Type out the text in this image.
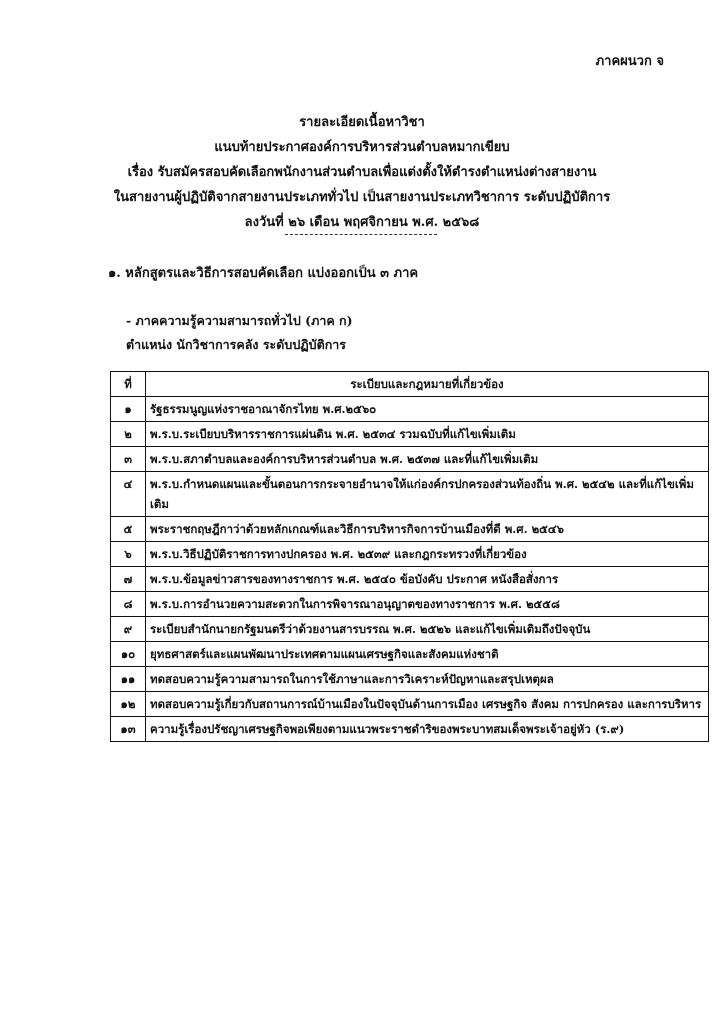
ภาคผนวก จ
รายละเอียดเนื้อหาวิชา
แนบท้ายประกาศองค์การบริหารส่วนตำบลหมากเขียบ
เรื่อง รับสมัครสอบคัดเลือกพนักงานส่วนตำบลเพื่อแต่งตั้งให้ดำรงตำแหน่งต่างสายงาน
ในสายงานผู้ปฏิบัติจากสายงานประเภททั่วไป เป็นสายงานประเภทวิชาการ ระดับปฏิบัติการ
ลงวันที่ ๒๖ เดือน พฤศจิกายน พ.ศ. ๒๕๖๘
๑. หลักสูตรและวิธีการสอบคัดเลือก แบ่งออกเป็น ๓ ภาค
- ภาคความรู้ความสามารถทั่วไป (ภาค ก)
ตำแหน่ง นักวิชาการคลัง ระดับปฏิบัติการ
ที่	ระเบียบและกฎหมายที่เกี่ยวข้อง
๑	รัฐธรรมนูญแห่งราชอาณาจักรไทย พ.ศ.๒๕๖๐
๒	พ.ร.บ.ระเบียบบริหารราชการแผ่นดิน พ.ศ. ๒๕๓๔ รวมฉบับที่แก้ไขเพิ่มเติม
๓	พ.ร.บ.สภาตำบลและองค์การบริหารส่วนตำบล พ.ศ. ๒๕๓๗ และที่แก้ไขเพิ่มเติม
๔	พ.ร.บ.กำหนดแผนและขั้นตอนการกระจายอำนาจให้แก่องค์กรปกครองส่วนท้องถิ่น พ.ศ. ๒๕๔๒ และที่แก้ไขเพิ่มเติม
๕	พระราชกฤษฎีกาว่าด้วยหลักเกณฑ์และวิธีการบริหารกิจการบ้านเมืองที่ดี พ.ศ. ๒๕๔๖
๖	พ.ร.บ.วิธีปฏิบัติราชการทางปกครอง พ.ศ. ๒๕๓๙ และกฎกระทรวงที่เกี่ยวข้อง
๗	พ.ร.บ.ข้อมูลข่าวสารของทางราชการ พ.ศ. ๒๕๔๐ ข้อบังคับ ประกาศ หนังสือสั่งการ
๘	พ.ร.บ.การอำนวยความสะดวกในการพิจารณาอนุญาตของทางราชการ พ.ศ. ๒๕๕๘
๙	ระเบียบสำนักนายกรัฐมนตรีว่าด้วยงานสารบรรณ พ.ศ. ๒๕๒๖ และแก้ไขเพิ่มเติมถึงปัจจุบัน
๑๐	ยุทธศาสตร์และแผนพัฒนาประเทศตามแผนเศรษฐกิจและสังคมแห่งชาติ
๑๑	ทดสอบความรู้ความสามารถในการใช้ภาษาและการวิเคราะห์ปัญหาและสรุปเหตุผล
๑๒	ทดสอบความรู้เกี่ยวกับสถานการณ์บ้านเมืองในปัจจุบันด้านการเมือง เศรษฐกิจ สังคม การปกครอง และการบริหาร
๑๓	ความรู้เรื่องปรัชญาเศรษฐกิจพอเพียงตามแนวพระราชดำริของพระบาทสมเด็จพระเจ้าอยู่หัว (ร.๙)
